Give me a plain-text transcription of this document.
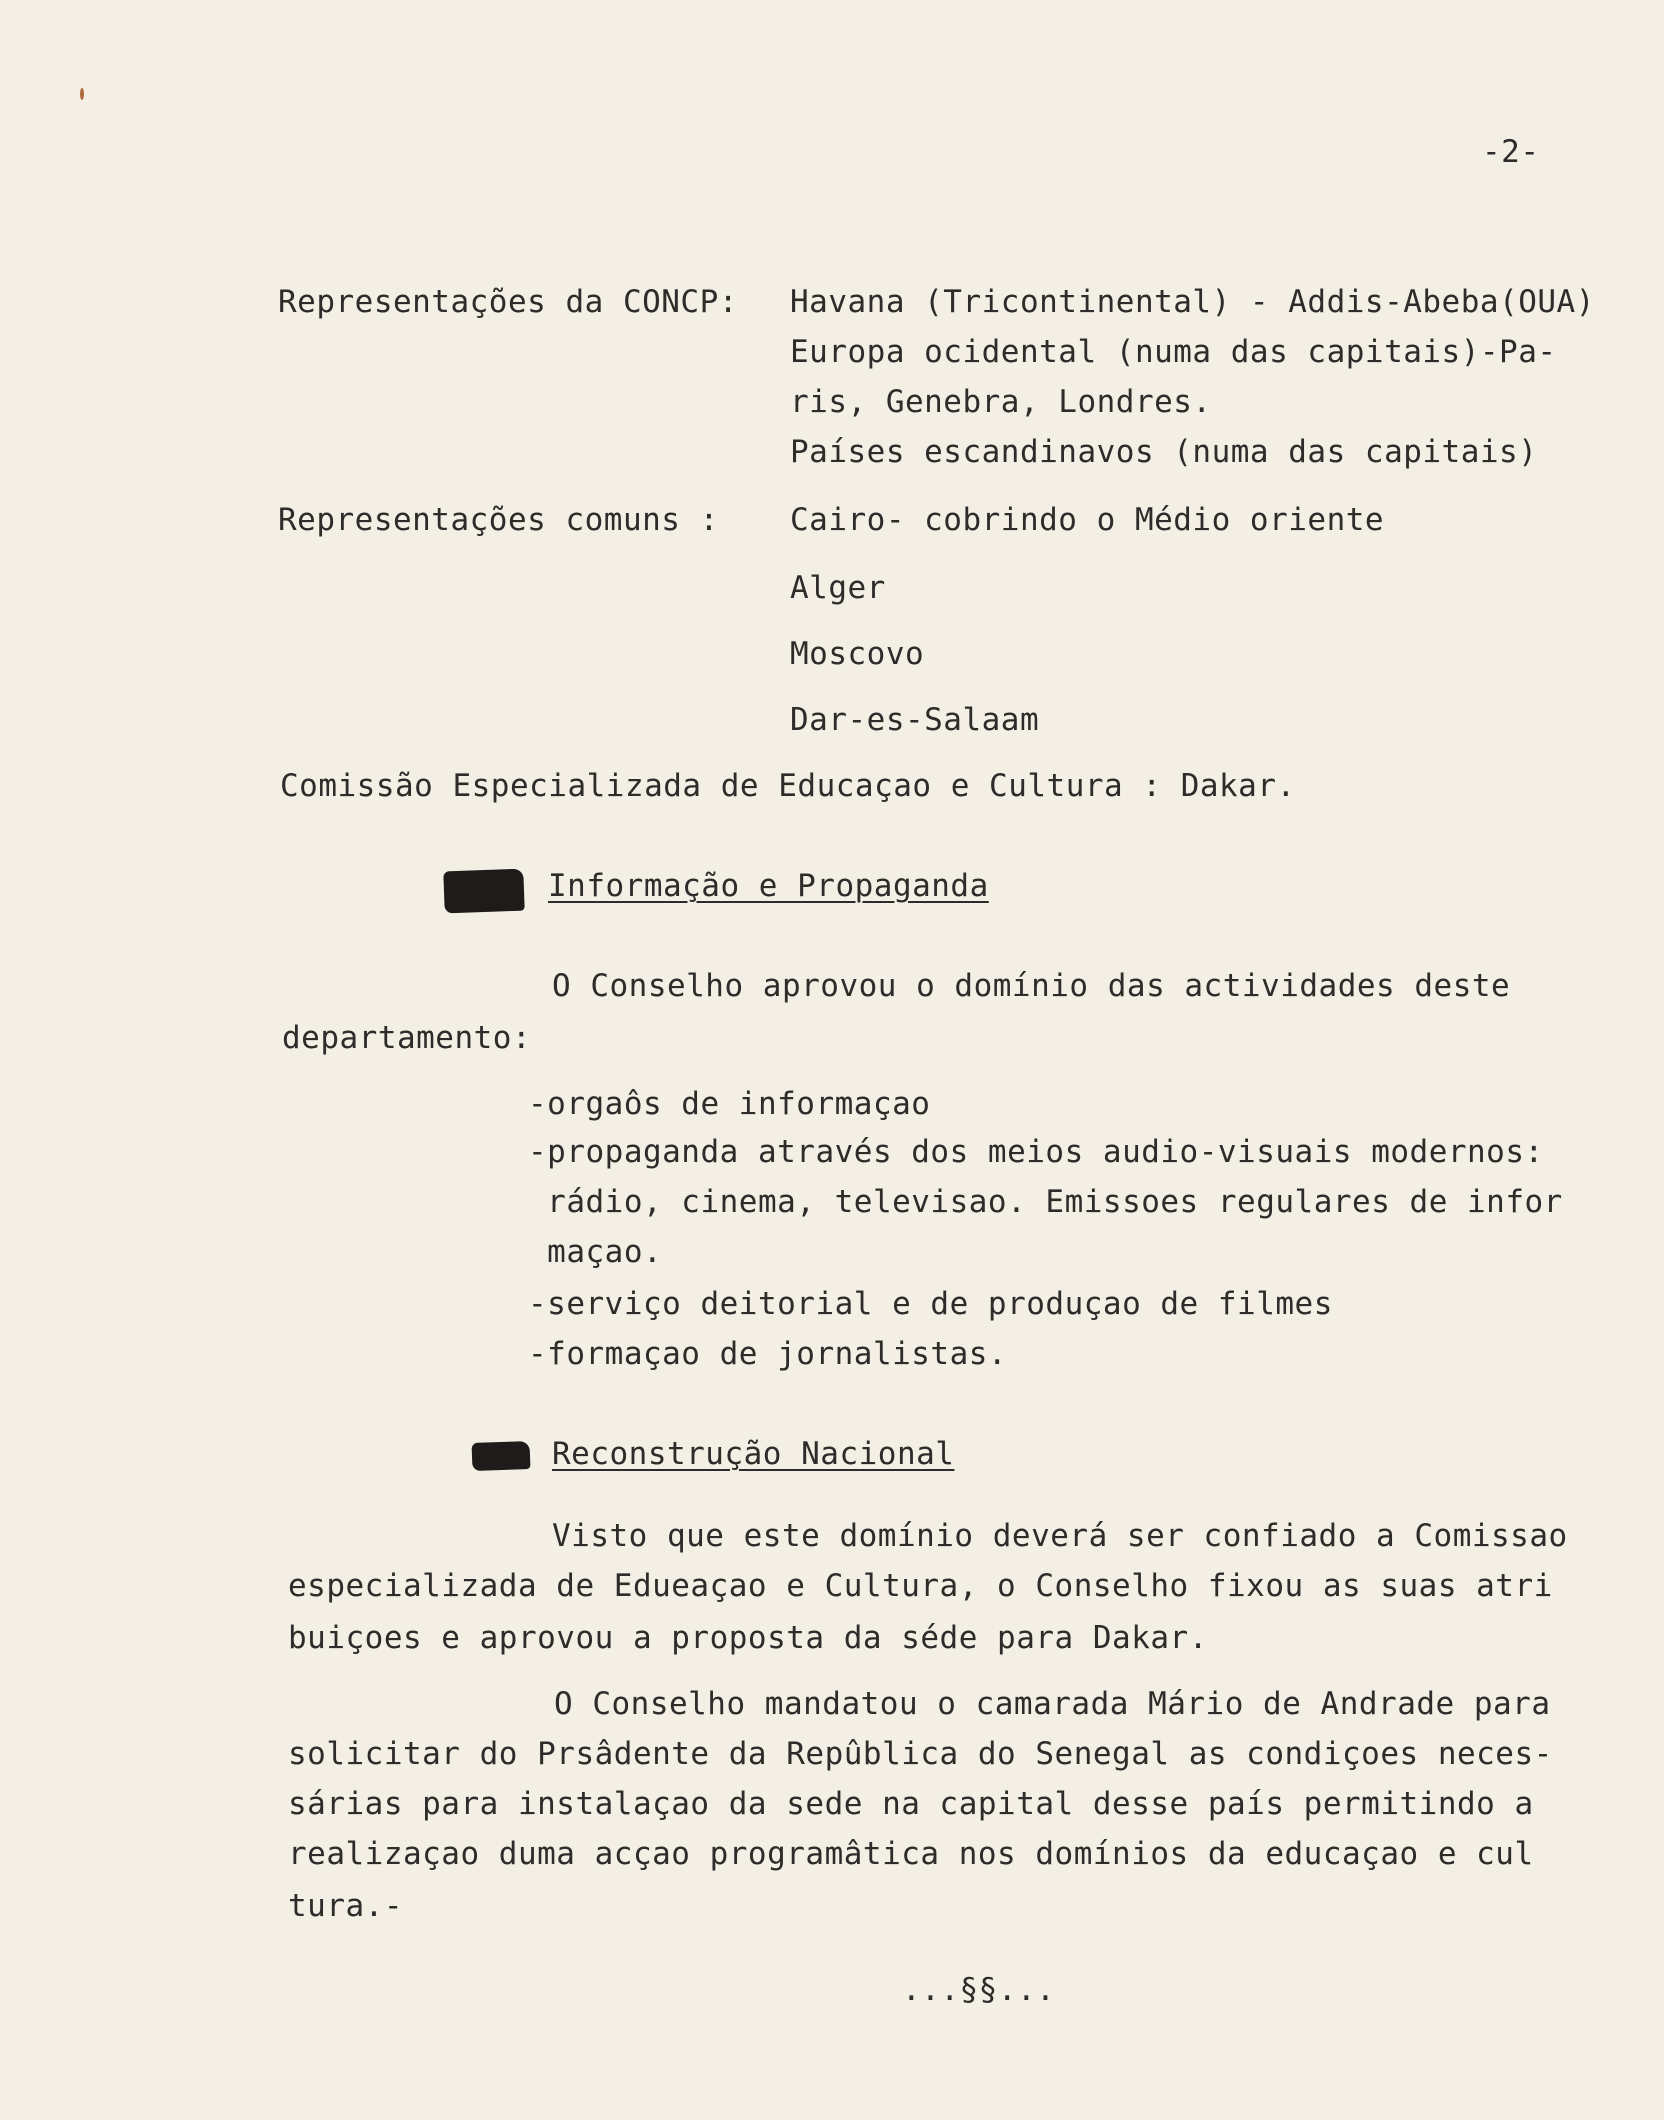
-2-
Representações da CONCP: Havana (Tricontinental) - Addis-Abeba(OUA)
Europa ocidental (numa das capitais)-Pa-
ris, Genebra, Londres.
Países escandinavos (numa das capitais)
Representações comuns : Cairo- cobrindo o Médio oriente
Alger
Moscovo
Dar-es-Salaam
Comissão Especializada de Educaçao e Cultura : Dakar.
Informação e Propaganda
O Conselho aprovou o domínio das actividades deste
departamento:
-orgaôs de informaçao
-propaganda através dos meios audio-visuais modernos:
rádio, cinema, televisao. Emissoes regulares de infor
maçao.
-serviço deitorial e de produçao de filmes
-formaçao de jornalistas.
Reconstrução Nacional
Visto que este domínio deverá ser confiado a Comissao
especializada de Edueaçao e Cultura, o Conselho fixou as suas atri
buiçoes e aprovou a proposta da séde para Dakar.
O Conselho mandatou o camarada Mário de Andrade para
solicitar do Prsâdente da Repûblica do Senegal as condiçoes neces-
sárias para instalaçao da sede na capital desse país permitindo a
realizaçao duma acçao programâtica nos domínios da educaçao e cul
tura.-
...§§...
